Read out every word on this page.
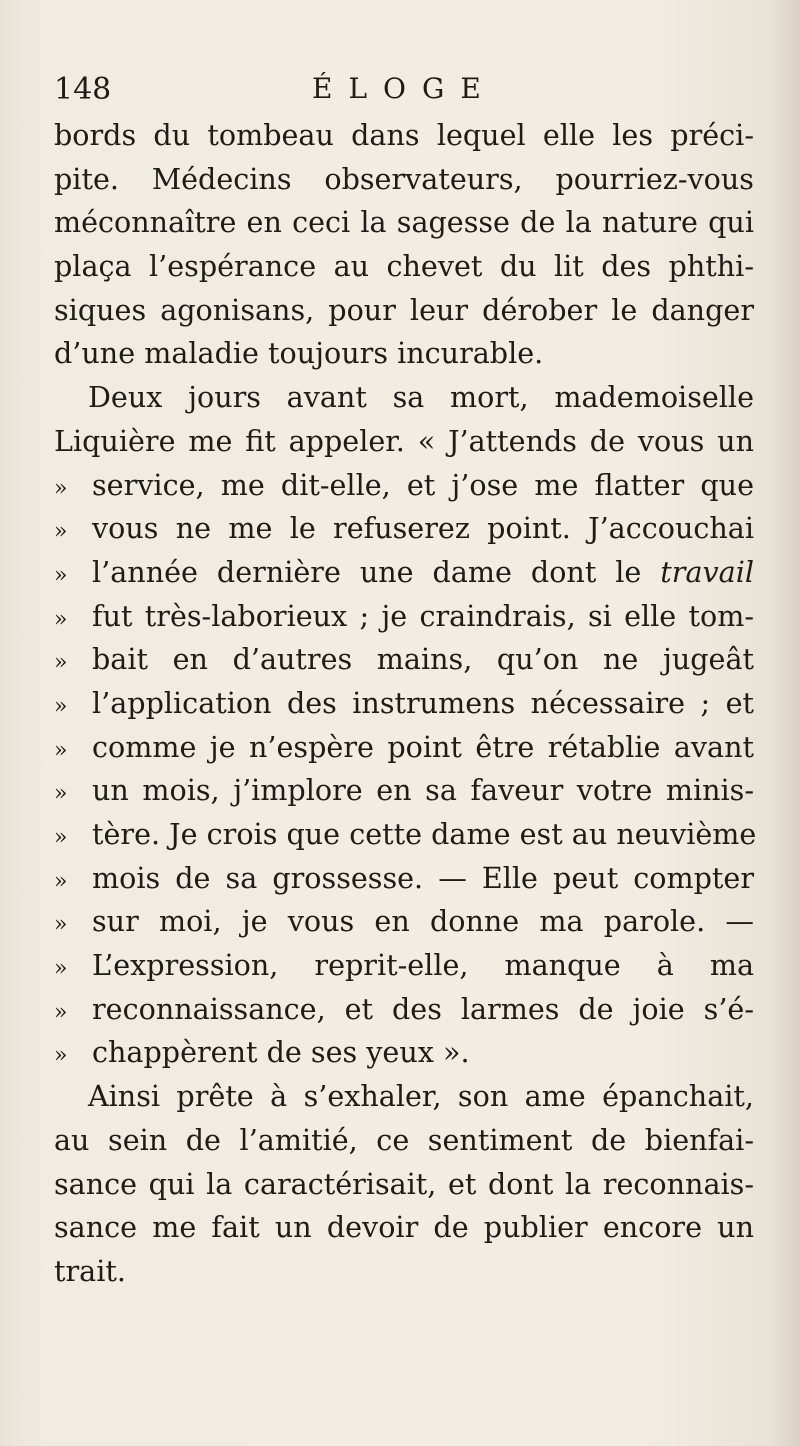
148	ÉLOGE
bords du tombeau dans lequel elle les préci-
pite. Médecins observateurs, pourriez-vous
méconnaître en ceci la sagesse de la nature qui
plaça l’espérance au chevet du lit des phthi-
siques agonisans, pour leur dérober le danger
d’une maladie toujours incurable.
Deux jours avant sa mort, mademoiselle
Liquière me fit appeler. « J’attends de vous un
» service, me dit-elle, et j’ose me flatter que
» vous ne me le refuserez point. J’accouchai
» l’année dernière une dame dont le travail
» fut très-laborieux ; je craindrais, si elle tom-
» bait en d’autres mains, qu’on ne jugeât
» l’application des instrumens nécessaire ; et
» comme je n’espère point être rétablie avant
» un mois, j’implore en sa faveur votre minis-
» tère. Je crois que cette dame est au neuvième
» mois de sa grossesse. — Elle peut compter
» sur moi, je vous en donne ma parole. —
» L’expression, reprit-elle, manque à ma
» reconnaissance, et des larmes de joie s’é-
» chappèrent de ses yeux ».
Ainsi prête à s’exhaler, son ame épanchait,
au sein de l’amitié, ce sentiment de bienfai-
sance qui la caractérisait, et dont la reconnais-
sance me fait un devoir de publier encore un
trait.
